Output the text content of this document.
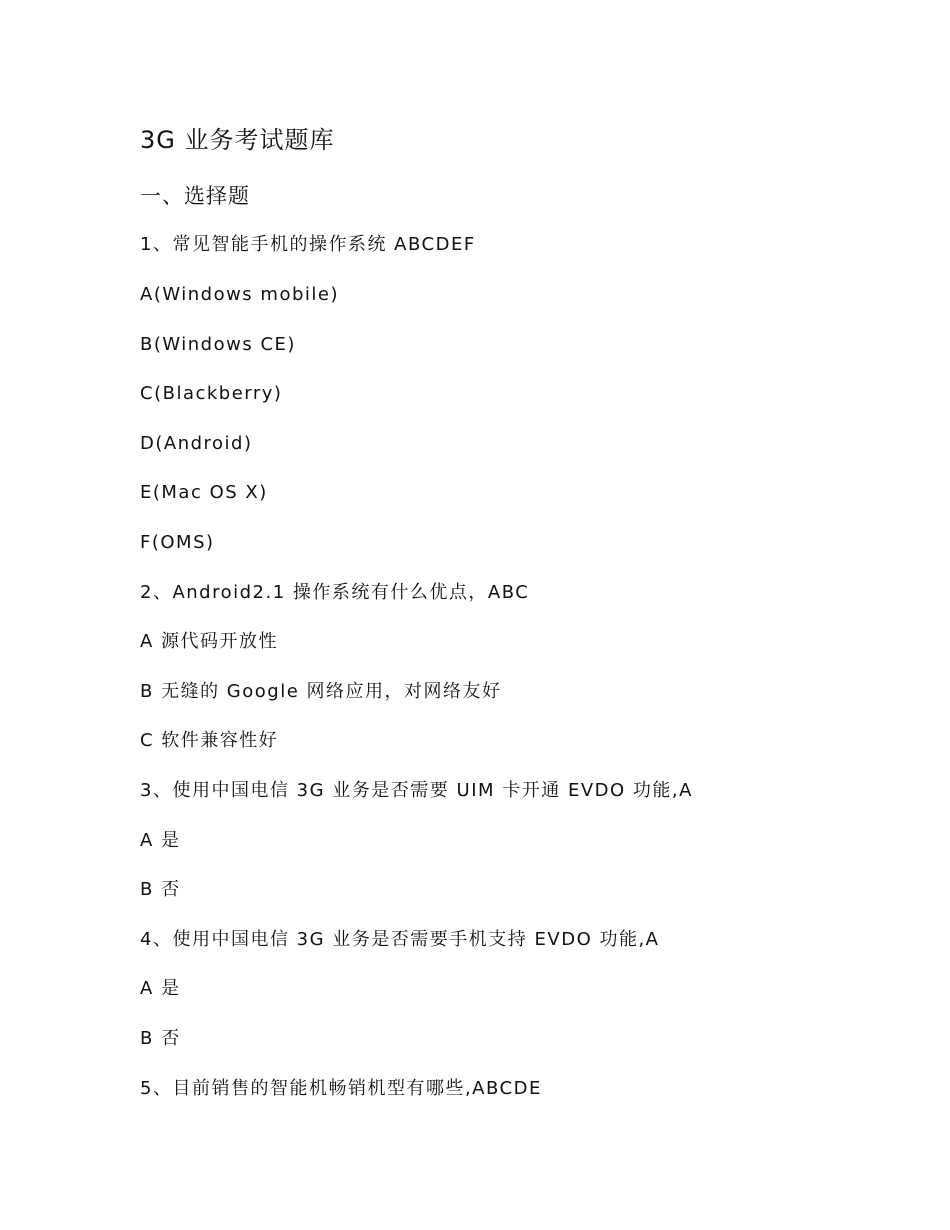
3G 业务考试题库
一、选择题
1、常见智能手机的操作系统 ABCDEF
A(Windows mobile)
B(Windows CE)
C(Blackberry)
D(Android)
E(Mac OS X)
F(OMS)
2、Android2.1 操作系统有什么优点，ABC
A 源代码开放性
B 无缝的 Google 网络应用，对网络友好
C 软件兼容性好
3、使用中国电信 3G 业务是否需要 UIM 卡开通 EVDO 功能,A
A 是
B 否
4、使用中国电信 3G 业务是否需要手机支持 EVDO 功能,A
A 是
B 否
5、目前销售的智能机畅销机型有哪些,ABCDE
